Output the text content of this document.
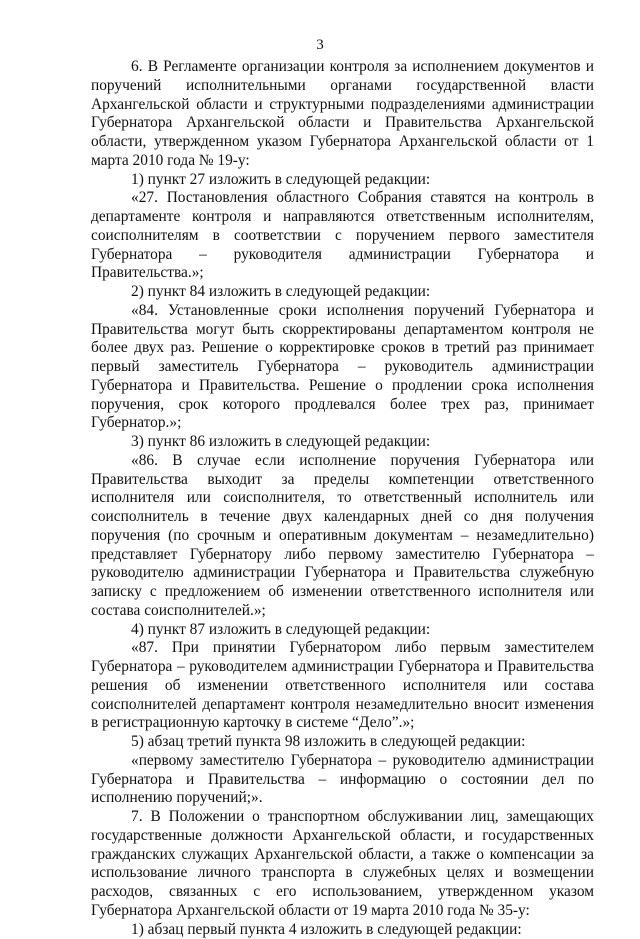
3

6. В Регламенте организации контроля за исполнением документов и поручений исполнительными органами государственной власти Архангельской области и структурными подразделениями администрации Губернатора Архангельской области и Правительства Архангельской области, утвержденном указом Губернатора Архангельской области от 1 марта 2010 года № 19-у:

1) пункт 27 изложить в следующей редакции:

«27. Постановления областного Собрания ставятся на контроль в департаменте контроля и направляются ответственным исполнителям, соисполнителям в соответствии с поручением первого заместителя Губернатора – руководителя администрации Губернатора и Правительства.»;

2) пункт 84 изложить в следующей редакции:

«84. Установленные сроки исполнения поручений Губернатора и Правительства могут быть скорректированы департаментом контроля не более двух раз. Решение о корректировке сроков в третий раз принимает первый заместитель Губернатора – руководитель администрации Губернатора и Правительства. Решение о продлении срока исполнения поручения, срок которого продлевался более трех раз, принимает Губернатор.»;

3) пункт 86 изложить в следующей редакции:

«86. В случае если исполнение поручения Губернатора или Правительства выходит за пределы компетенции ответственного исполнителя или соисполнителя, то ответственный исполнитель или соисполнитель в течение двух календарных дней со дня получения поручения (по срочным и оперативным документам – незамедлительно) представляет Губернатору либо первому заместителю Губернатора – руководителю администрации Губернатора и Правительства служебную записку с предложением об изменении ответственного исполнителя или состава соисполнителей.»;

4) пункт 87 изложить в следующей редакции:

«87. При принятии Губернатором либо первым заместителем Губернатора – руководителем администрации Губернатора и Правительства решения об изменении ответственного исполнителя или состава соисполнителей департамент контроля незамедлительно вносит изменения в регистрационную карточку в системе “Дело”.»;

5) абзац третий пункта 98 изложить в следующей редакции:

«первому заместителю Губернатора – руководителю администрации Губернатора и Правительства – информацию о состоянии дел по исполнению поручений;».

7. В Положении о транспортном обслуживании лиц, замещающих государственные должности Архангельской области, и государственных гражданских служащих Архангельской области, а также о компенсации за использование личного транспорта в служебных целях и возмещении расходов, связанных с его использованием, утвержденном указом Губернатора Архангельской области от 19 марта 2010 года № 35-у:

1) абзац первый пункта 4 изложить в следующей редакции:
